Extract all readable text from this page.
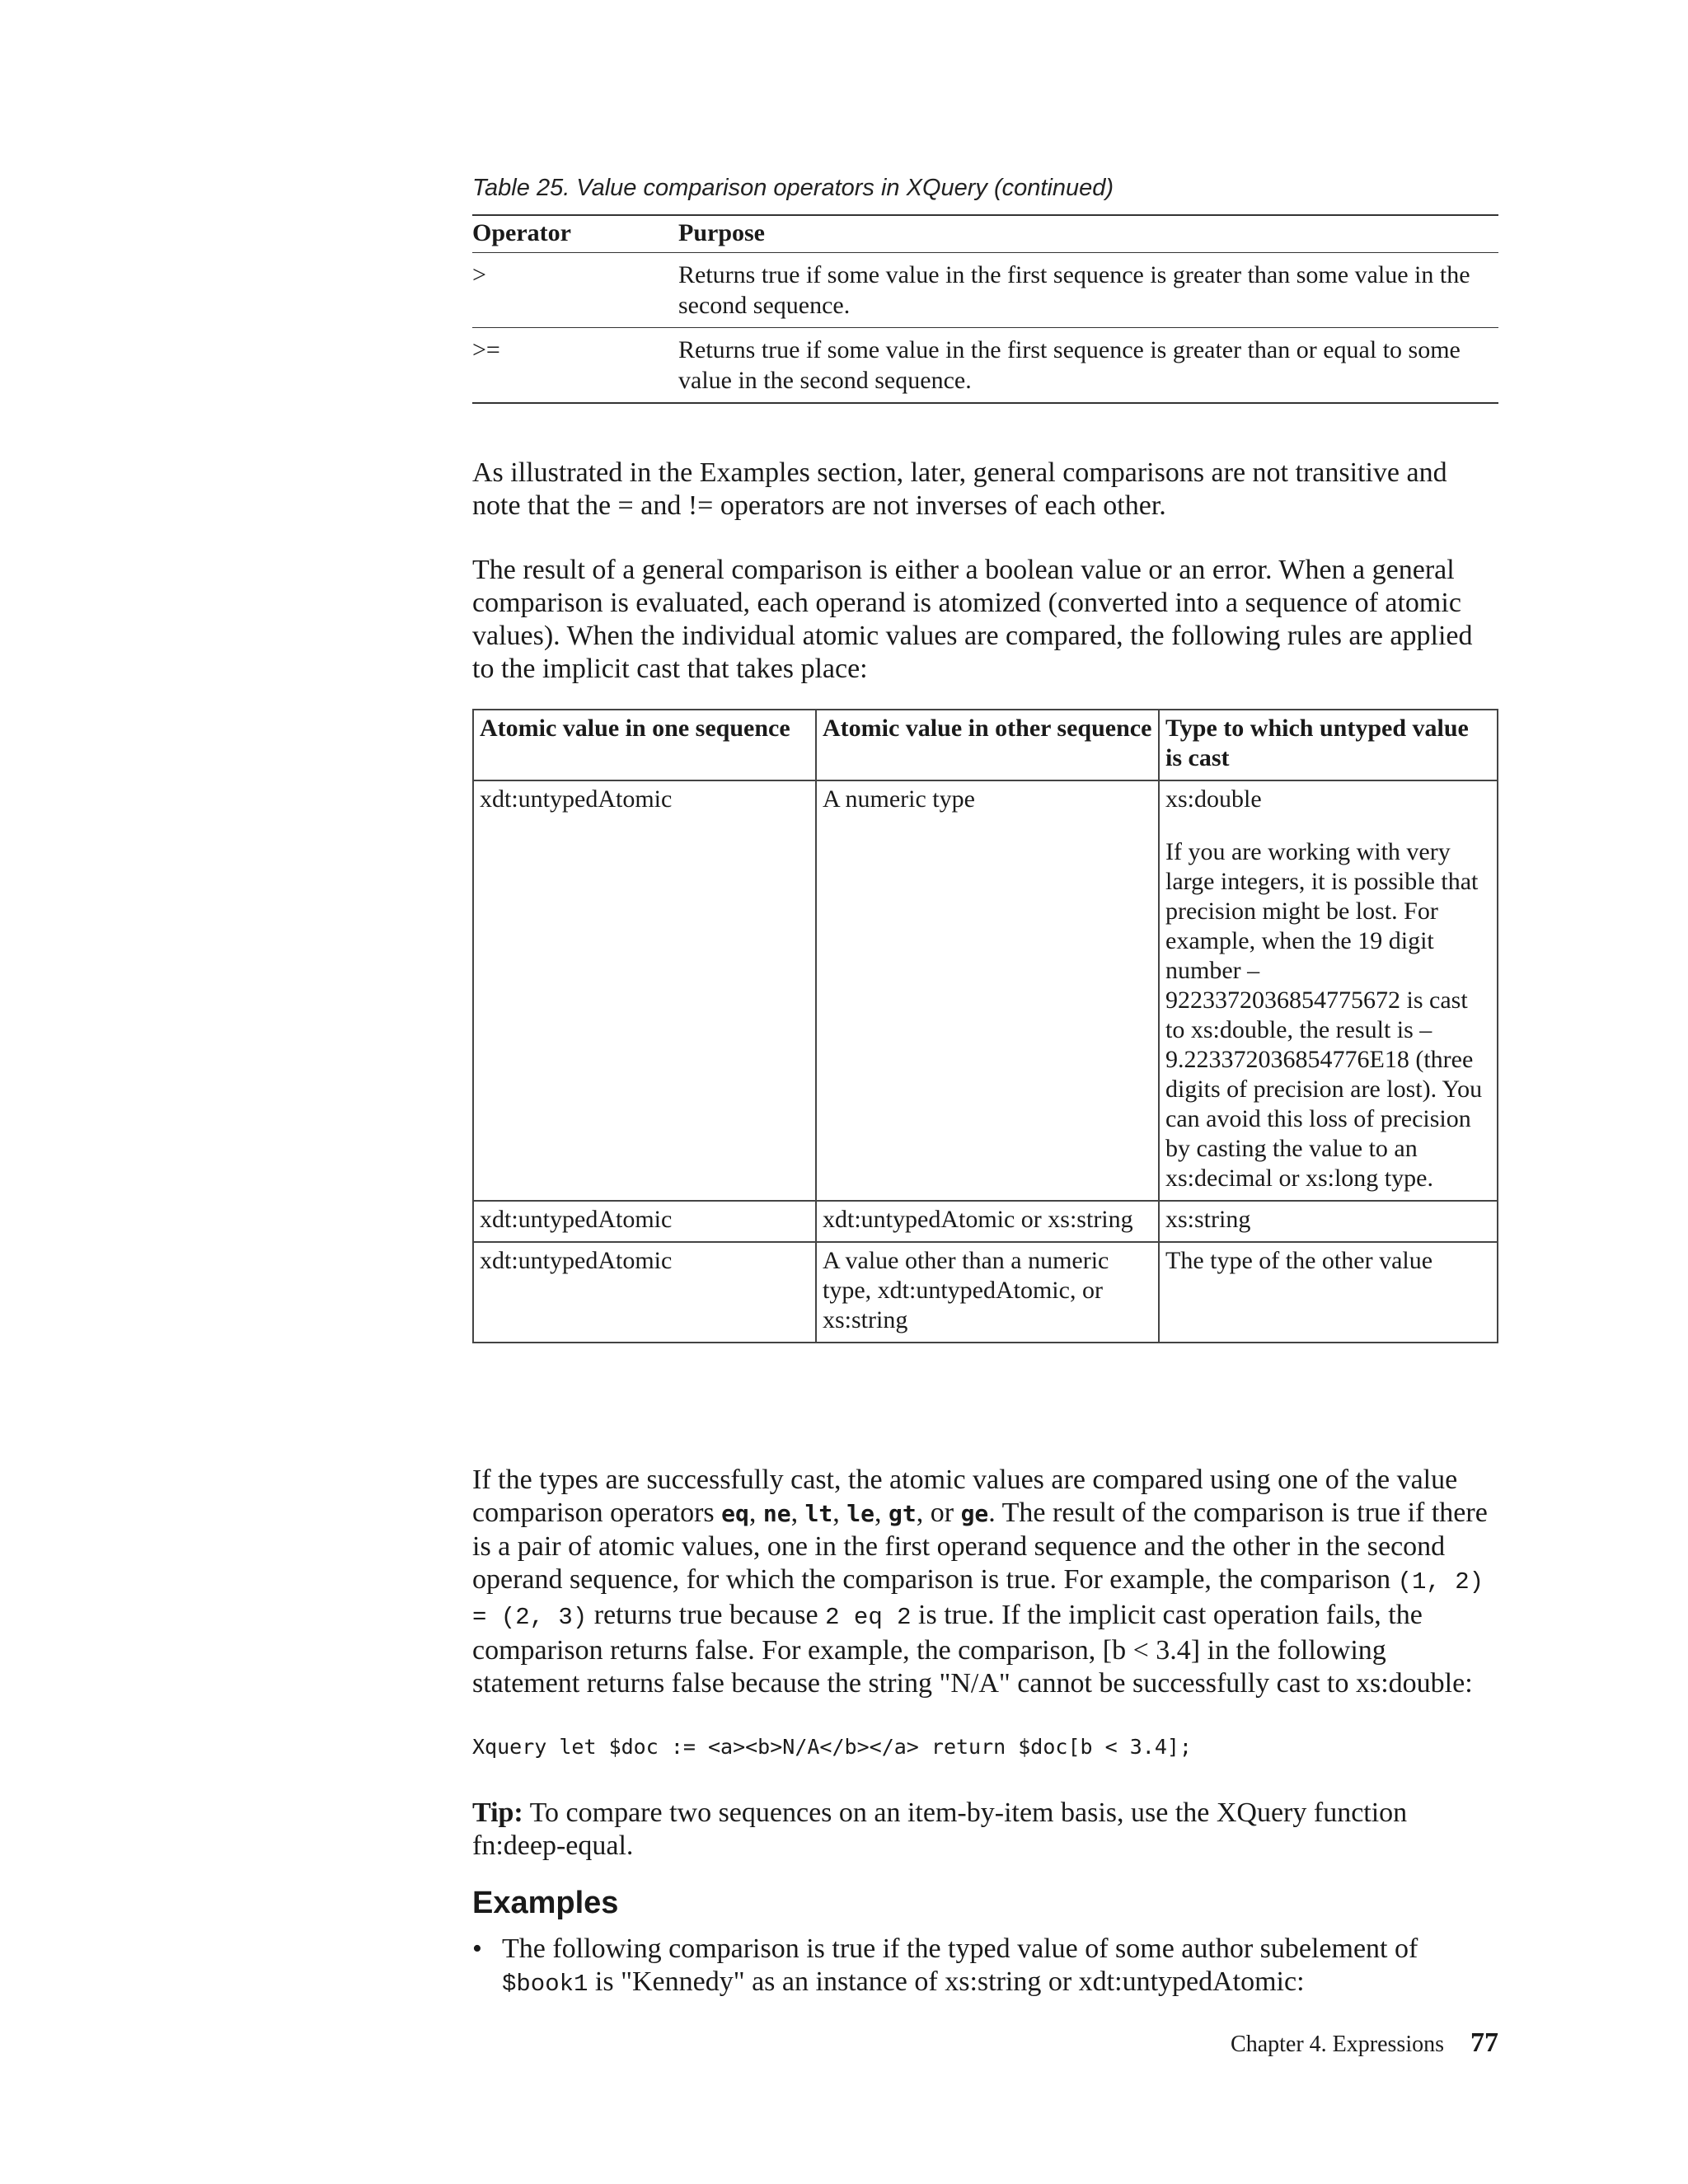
Table 25. Value comparison operators in XQuery (continued)
Operator	Purpose
>	Returns true if some value in the first sequence is greater than some value in the second sequence.
>=	Returns true if some value in the first sequence is greater than or equal to some value in the second sequence.

As illustrated in the Examples section, later, general comparisons are not transitive and note that the = and != operators are not inverses of each other.

The result of a general comparison is either a boolean value or an error. When a general comparison is evaluated, each operand is atomized (converted into a sequence of atomic values). When the individual atomic values are compared, the following rules are applied to the implicit cast that takes place:

Atomic value in one sequence	Atomic value in other sequence	Type to which untyped value is cast
xdt:untypedAtomic	A numeric type	xs:double
If you are working with very large integers, it is possible that precision might be lost. For example, when the 19 digit number –9223372036854775672 is cast to xs:double, the result is –9.223372036854776E18 (three digits of precision are lost). You can avoid this loss of precision by casting the value to an xs:decimal or xs:long type.

xdt:untypedAtomic	xdt:untypedAtomic or xs:string	xs:string
xdt:untypedAtomic	A value other than a numeric type, xdt:untypedAtomic, or xs:string	The type of the other value

If the types are successfully cast, the atomic values are compared using one of the value comparison operators eq, ne, lt, le, gt, or ge. The result of the comparison is true if there is a pair of atomic values, one in the first operand sequence and the other in the second operand sequence, for which the comparison is true. For example, the comparison (1, 2) = (2, 3) returns true because 2 eq 2 is true. If the implicit cast operation fails, the comparison returns false. For example, the comparison, [b < 3.4] in the following statement returns false because the string "N/A" cannot be successfully cast to xs:double:

Xquery let $doc := <a><b>N/A</b></a> return $doc[b < 3.4];

Tip: To compare two sequences on an item-by-item basis, use the XQuery function fn:deep-equal.

Examples
• The following comparison is true if the typed value of some author subelement of $book1 is "Kennedy" as an instance of xs:string or xdt:untypedAtomic:
Chapter 4. Expressions 77
